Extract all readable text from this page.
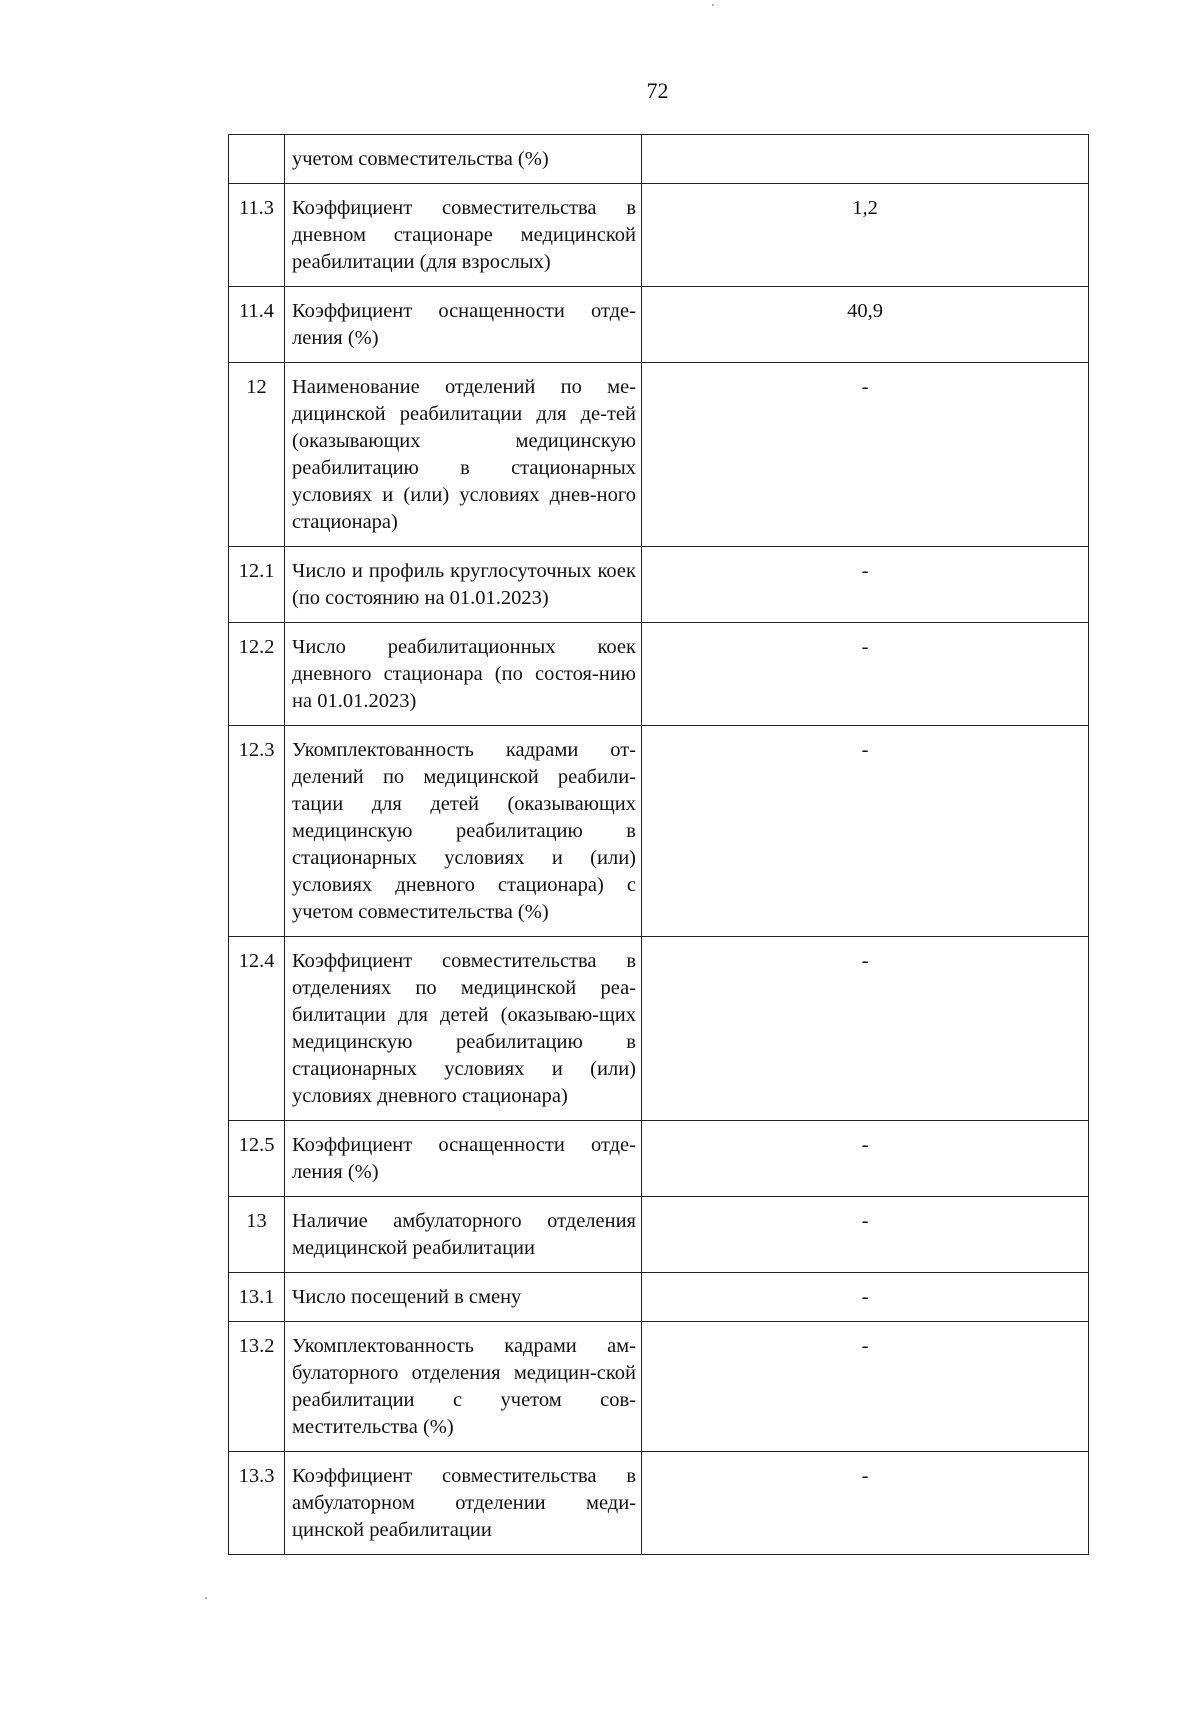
72
	учетом совместительства (%)	
11.3	Коэффициент совместительства в дневном стационаре медицинской реабилитации (для взрослых)	1,2
11.4	Коэффициент оснащенности отде-ления (%)	40,9
12	Наименование отделений по ме-дицинской реабилитации для де-тей (оказывающих медицинскую реабилитацию в стационарных условиях и (или) условиях днев-ного стационара)	-
12.1	Число и профиль круглосуточных коек (по состоянию на 01.01.2023)	-
12.2	Число реабилитационных коек дневного стационара (по состоя-нию на 01.01.2023)	-
12.3	Укомплектованность кадрами от-делений по медицинской реабили-тации для детей (оказывающих медицинскую реабилитацию в стационарных условиях и (или) условиях дневного стационара) с учетом совместительства (%)	-
12.4	Коэффициент совместительства в отделениях по медицинской реа-билитации для детей (оказываю-щих медицинскую реабилитацию в стационарных условиях и (или) условиях дневного стационара)	-
12.5	Коэффициент оснащенности отде-ления (%)	-
13	Наличие амбулаторного отделения медицинской реабилитации	-
13.1	Число посещений в смену	-
13.2	Укомплектованность кадрами ам-булаторного отделения медицин-ской реабилитации с учетом сов-местительства (%)	-
13.3	Коэффициент совместительства в амбулаторном отделении меди-цинской реабилитации	-
